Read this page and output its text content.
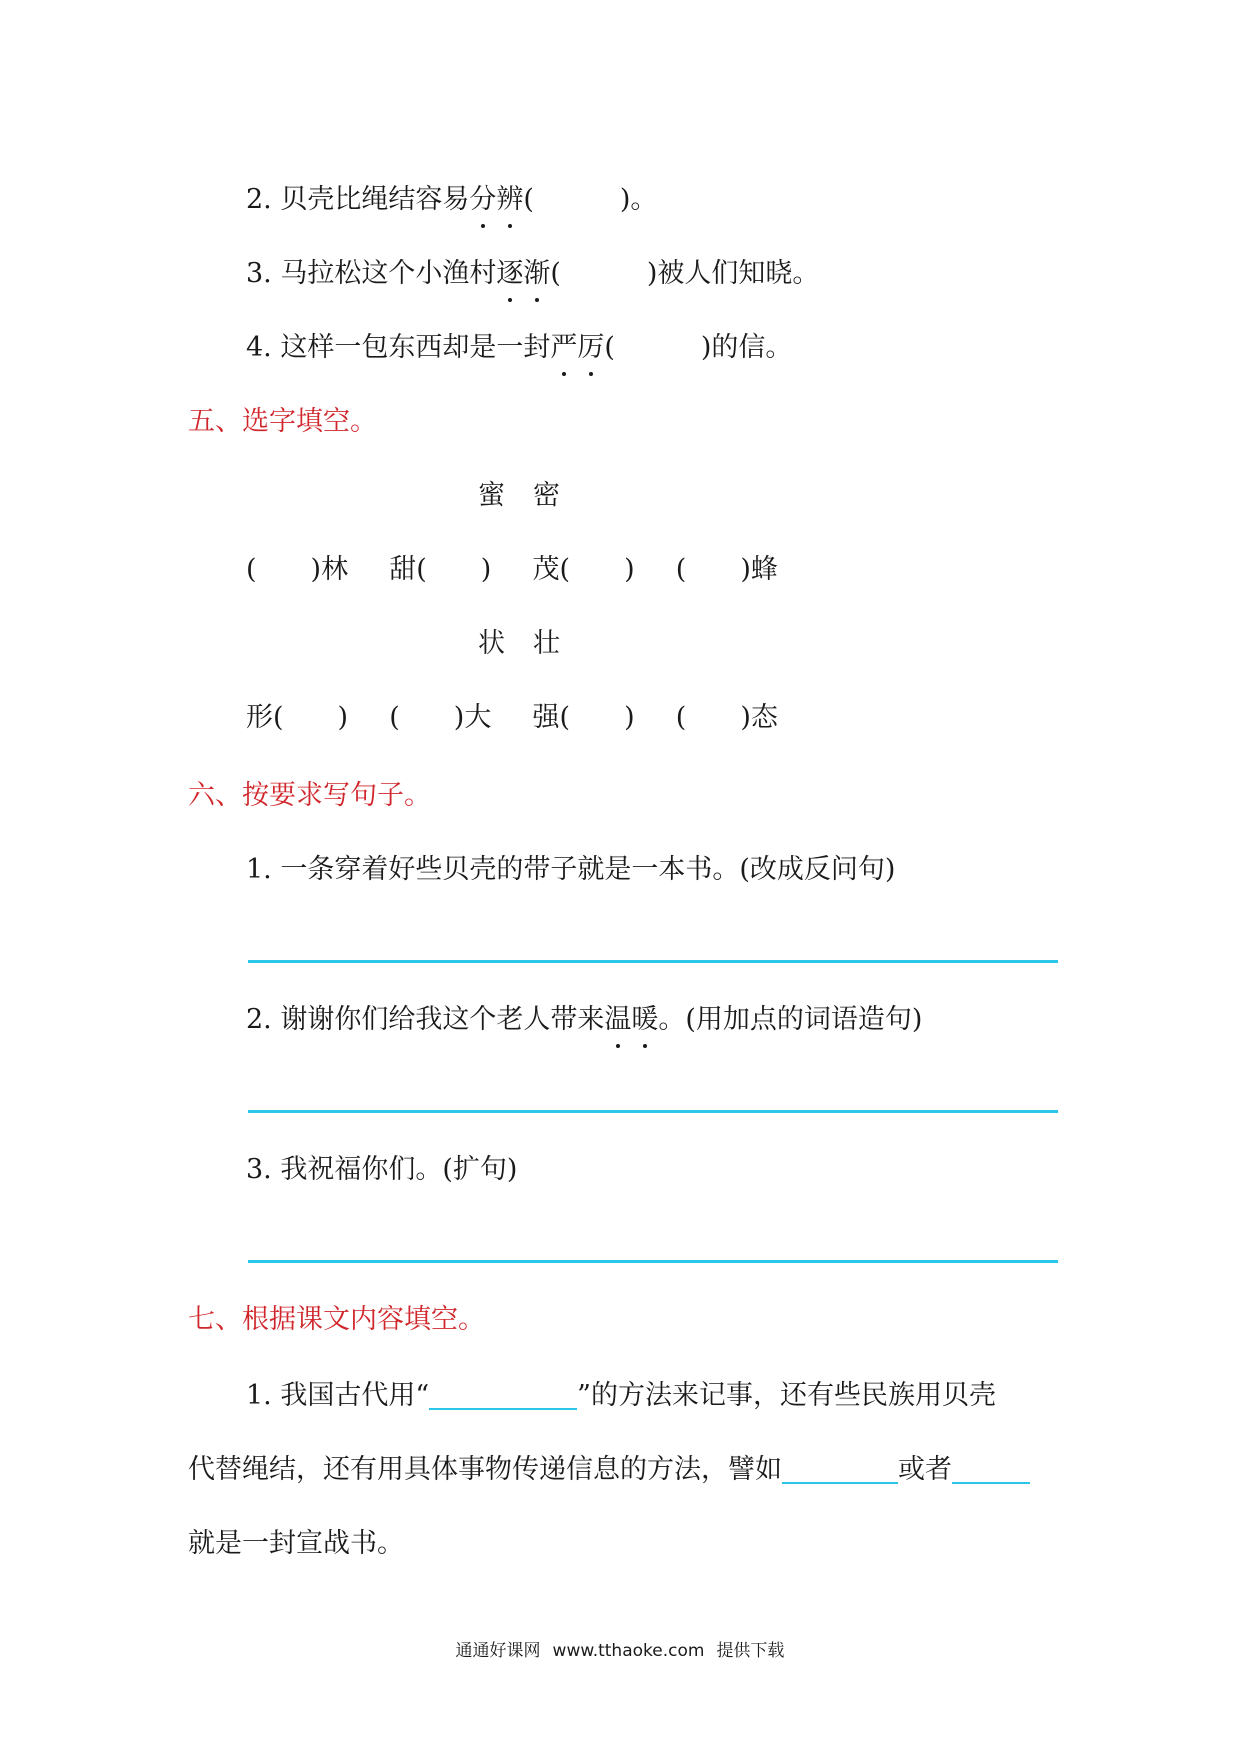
2. 贝壳比绳结容易分辨(	)。
3. 马拉松这个小渔村逐渐(	)被人们知晓。
4. 这样一包东西却是一封严厉(	)的信。
五、选字填空。
蜜 密
(　　)林 甜(　　) 茂(　　) (　　)蜂
状 壮
形(　　) (　　)大 强(　　) (　　)态
六、按要求写句子。
1. 一条穿着好些贝壳的带子就是一本书。(改成反问句)
2. 谢谢你们给我这个老人带来温暖。(用加点的词语造句)
3. 我祝福你们。(扩句)
七、根据课文内容填空。
1. 我国古代用“	”的方法来记事，还有些民族用贝壳
代替绳结，还有用具体事物传递信息的方法，譬如	或者
就是一封宣战书。
通通好课网 www.tthaoke.com 提供下载
